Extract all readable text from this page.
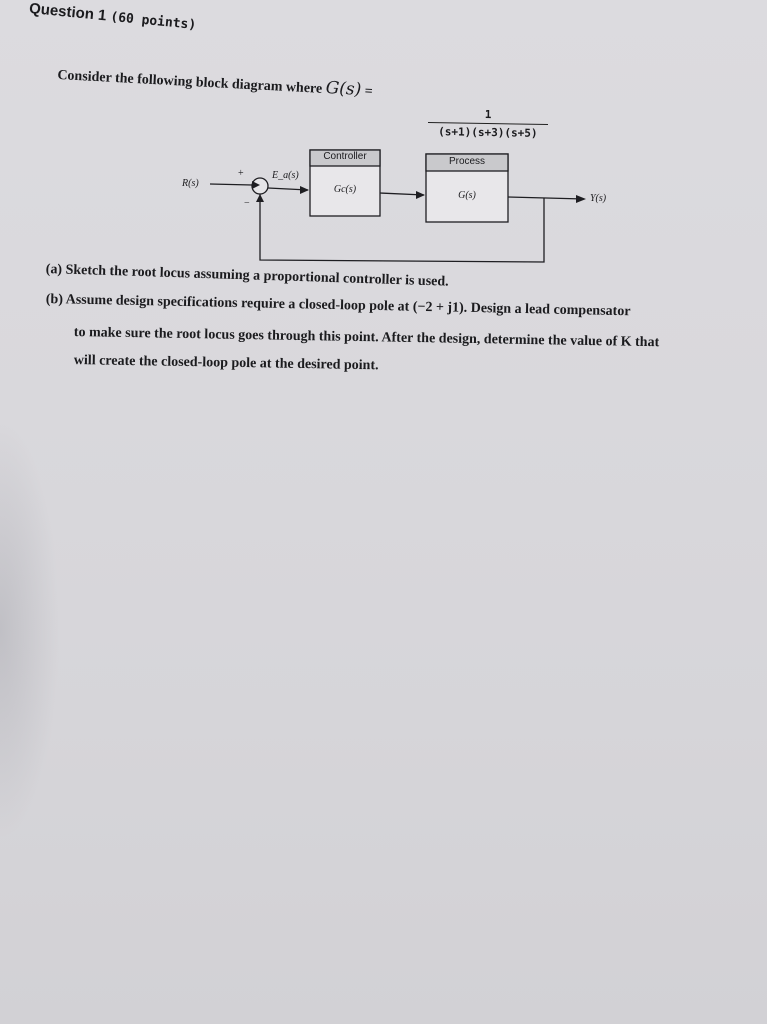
Question 1 (60 points)
Consider the following block diagram where G(s) =
$\frac{1}{(s+1)(s+3)(s+5)}$
R(s)
+
−
E_a(s)
Controller
Gc(s)
Process
G(s)	Y(s)
(a) Sketch the root locus assuming a proportional controller is used.
(b) Assume design specifications require a closed-loop pole at (−2 + j1). Design a lead compensator
to make sure the root locus goes through this point. After the design, determine the value of K that
will create the closed-loop pole at the desired point.
